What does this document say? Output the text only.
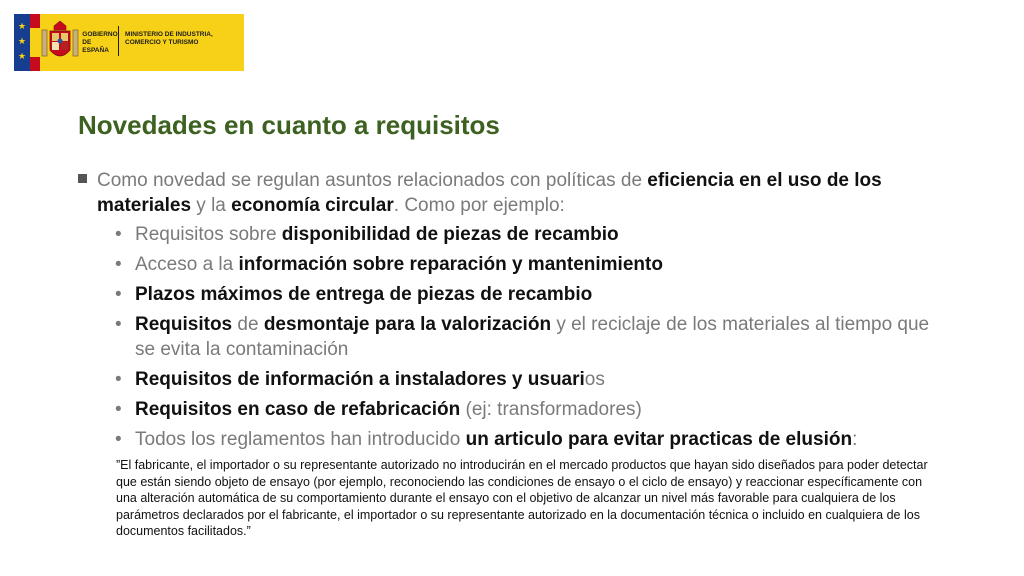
★
★
★
GOBIERNO DE ESPAÑA
MINISTERIO DE INDUSTRIA, COMERCIO Y TURISMO
Novedades en cuanto a requisitos
Como novedad se regulan asuntos relacionados con políticas de eficiencia en el uso de los materiales y la economía circular. Como por ejemplo:
• Requisitos sobre disponibilidad de piezas de recambio
• Acceso a la información sobre reparación y mantenimiento
• Plazos máximos de entrega de piezas de recambio
• Requisitos de desmontaje para la valorización y el reciclaje de los materiales al tiempo que se evita la contaminación
• Requisitos de información a instaladores y usuarios
• Requisitos en caso de refabricación (ej: transformadores)
• Todos los reglamentos han introducido un articulo para evitar practicas de elusión:

”El fabricante, el importador o su representante autorizado no introducirán en el mercado productos que hayan sido diseñados para poder detectar que están siendo objeto de ensayo (por ejemplo, reconociendo las condiciones de ensayo o el ciclo de ensayo) y reaccionar específicamente con una alteración automática de su comportamiento durante el ensayo con el objetivo de alcanzar un nivel más favorable para cualquiera de los parámetros declarados por el fabricante, el importador o su representante autorizado en la documentación técnica o incluido en cualquiera de los documentos facilitados.”
